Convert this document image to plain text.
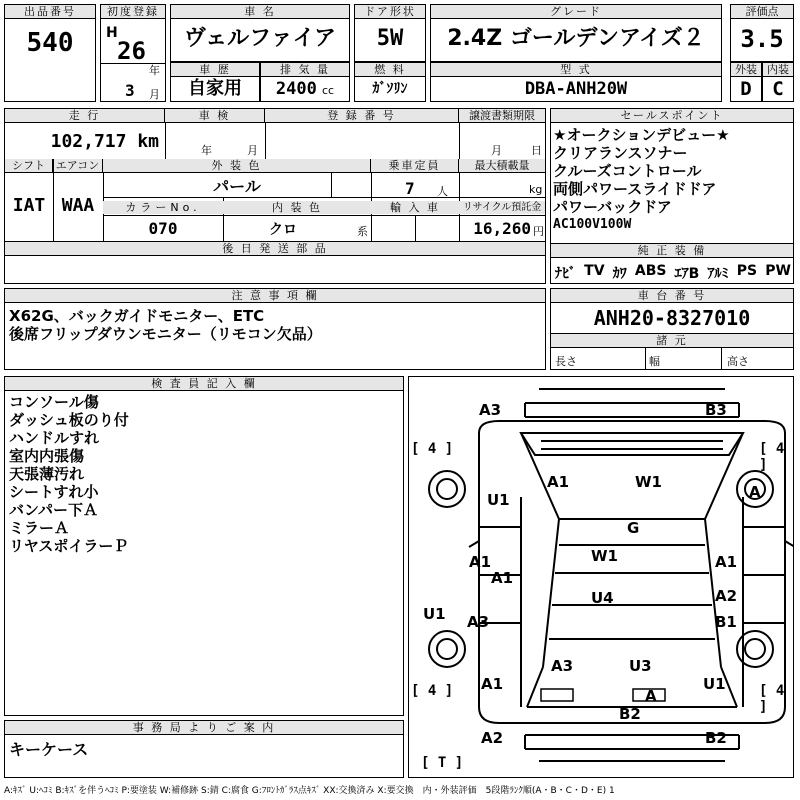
出品番号
540
初度登録
H
26
年
3 月
車 名
ヴェルファイア
ドア形状
5W
グレード
2.4Z ゴールデンアイズ２
評価点
3.5
車 歴
自家用
排 気 量
2400 cc
燃 料
ｶﾞｿﾘﾝ
型 式
DBA-ANH20W
外装
D
内装
C
走 行
102,717 km
車 検
年	月
登 録 番 号	譲渡書類期限
月	日
シフト エアコン
IAT WAA
外 装 色
パール
乗車定員
7 人
最大積載量
kg
カラーNo.	内 装 色	輸 入 車	リサイクル預託金
070	クロ	系	16,260 円
後 日 発 送 部 品
セールスポイント
★オークションデビュー★
クリアランスソナー
クルーズコントロール
両側パワースライドドア
パワーバックドア
AC100V100W
純 正 装 備
ﾅﾋﾞ TV ｶﾜ ABS ｴｱB ｱﾙﾐ PS PW
注 意 事 項 欄
X62G、バックガイドモニター、ETC
後席フリップダウンモニター（リモコン欠品）
車 台 番 号
ANH20-8327010
諸 元
長さ	幅	高さ
検 査 員 記 入 欄
コンソール傷
ダッシュ板のり付
ハンドルすれ
室内内張傷
天張薄汚れ
シートすれ小
バンパー下Ａ
ミラーＡ
リヤスポイラーＰ
事 務 局 よ り ご 案 内
キーケース
A3	B3
A1	W1
U1	A
G
W1
A1
A1
A1
U4	A2
U1 A3	B1
A3	U3
A1	U1
A
B2
A2	B2
[ 4 ]	[ 4 ]
[ 4 ]	[ 4 ]
[ T ]
A:ｷｽﾞ U:ﾍｺﾐ B:ｷｽﾞを伴うﾍｺﾐ P:要塗装 W:補修跡 S:錆 C:腐食 G:ﾌﾛﾝﾄｶﾞﾗｽ点ｷｽﾞ XX:交換済み X:要交換　内・外装評価　5段階ﾗﾝｸ順(A・B・C・D・E) 1
